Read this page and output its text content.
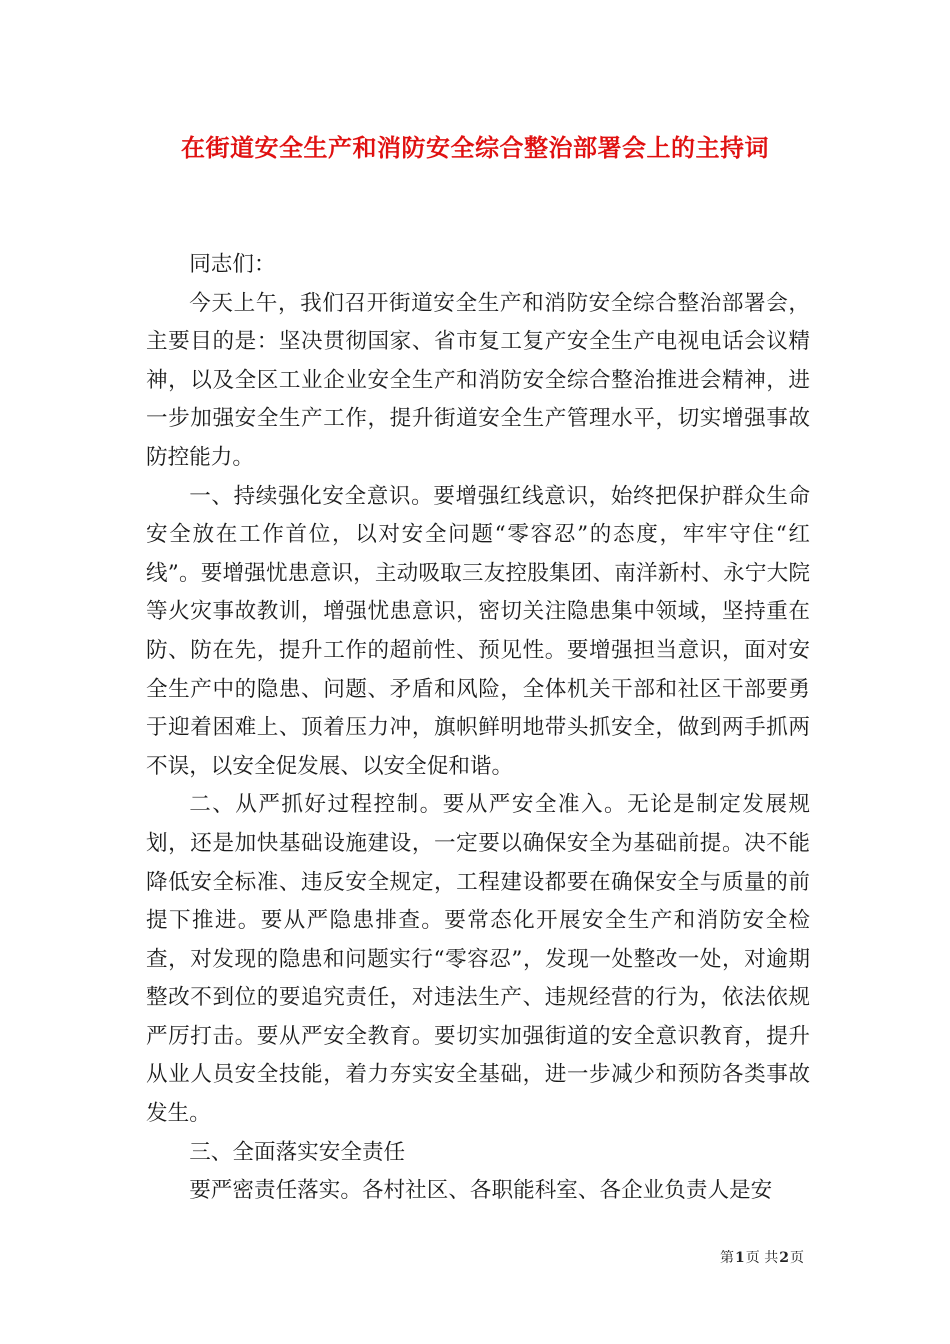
在街道安全生产和消防安全综合整治部署会上的主持词

同志们：

今天上午，我们召开街道安全生产和消防安全综合整治部署会，主要目的是：坚决贯彻国家、省市复工复产安全生产电视电话会议精神，以及全区工业企业安全生产和消防安全综合整治推进会精神，进一步加强安全生产工作，提升街道安全生产管理水平，切实增强事故防控能力。

一、持续强化安全意识。要增强红线意识，始终把保护群众生命安全放在工作首位，以对安全问题“零容忍”的态度，牢牢守住“红线”。要增强忧患意识，主动吸取三友控股集团、南洋新村、永宁大院等火灾事故教训，增强忧患意识，密切关注隐患集中领域，坚持重在防、防在先，提升工作的超前性、预见性。要增强担当意识，面对安全生产中的隐患、问题、矛盾和风险，全体机关干部和社区干部要勇于迎着困难上、顶着压力冲，旗帜鲜明地带头抓安全，做到两手抓两不误，以安全促发展、以安全促和谐。

二、从严抓好过程控制。要从严安全准入。无论是制定发展规划，还是加快基础设施建设，一定要以确保安全为基础前提。决不能降低安全标准、违反安全规定，工程建设都要在确保安全与质量的前提下推进。要从严隐患排查。要常态化开展安全生产和消防安全检查，对发现的隐患和问题实行“零容忍”，发现一处整改一处，对逾期整改不到位的要追究责任，对违法生产、违规经营的行为，依法依规严厉打击。要从严安全教育。要切实加强街道的安全意识教育，提升从业人员安全技能，着力夯实安全基础，进一步减少和预防各类事故发生。

三、全面落实安全责任

要严密责任落实。各村社区、各职能科室、各企业负责人是安

第1页 共2页
